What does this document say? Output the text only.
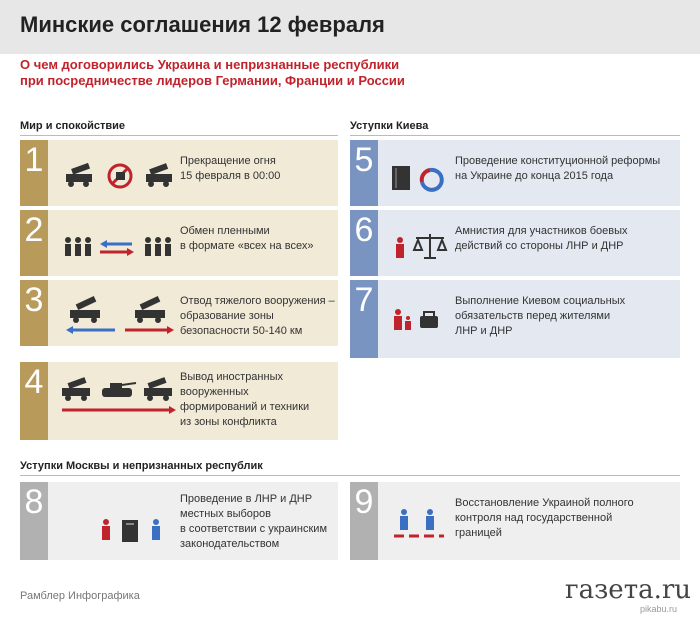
Минские соглашения 12 февраля
О чем договорились Украина и непризнанные республики
при посредничестве лидеров Германии, Франции и России
Мир и спокойствие	Уступки Киева
Уступки Москвы и непризнанных республик
1	Прекращение огня
15 февраля в 00:00
2	Обмен пленными
в формате «всех на всех»
3	Отвод тяжелого вооружения –
образование зоны
безопасности 50-140 км
4	Вывод иностранных
вооруженных
формирований и техники
из зоны конфликта
5	Проведение конституционной реформы
на Украине до конца 2015 года
6	Амнистия для участников боевых
действий со стороны ЛНР и ДНР
7	Выполнение Киевом социальных
обязательств перед жителями
ЛНР и ДНР
8	Проведение в ЛНР и ДНР
местных выборов
в соответствии с украинским
законодательством
9	Восстановление Украиной полного
контроля над государственной
границей
Рамблер Инфографика	газета.ru
pikabu.ru
